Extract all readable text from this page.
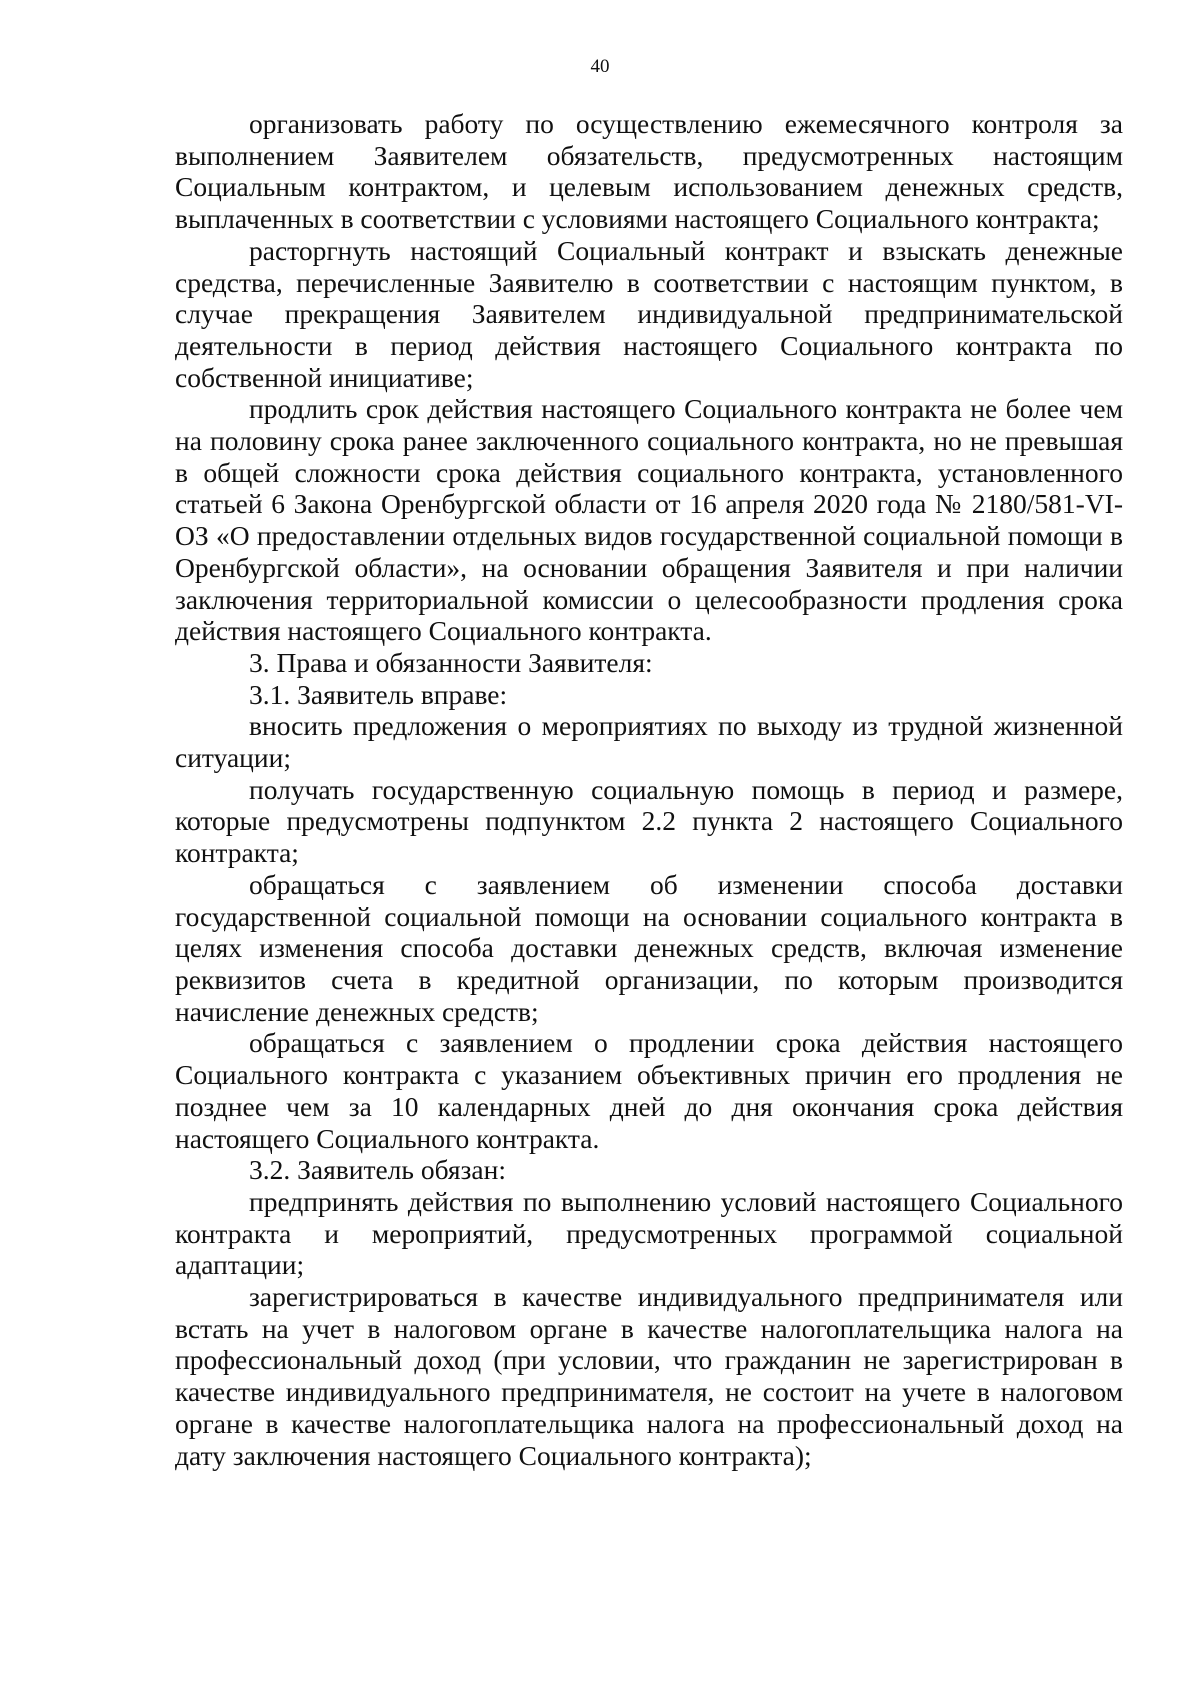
40

организовать работу по осуществлению ежемесячного контроля за выполнением Заявителем обязательств, предусмотренных настоящим Социальным контрактом, и целевым использованием денежных средств, выплаченных в соответствии с условиями настоящего Социального контракта;

расторгнуть настоящий Социальный контракт и взыскать денежные средства, перечисленные Заявителю в соответствии с настоящим пунктом, в случае прекращения Заявителем индивидуальной предпринимательской деятельности в период действия настоящего Социального контракта по собственной инициативе;

продлить срок действия настоящего Социального контракта не более чем на половину срока ранее заключенного социального контракта, но не превышая в общей сложности срока действия социального контракта, установленного статьей 6 Закона Оренбургской области от 16 апреля 2020 года № 2180/581-VI-ОЗ «О предоставлении отдельных видов государственной социальной помощи в Оренбургской области», на основании обращения Заявителя и при наличии заключения территориальной комиссии о целесообразности продления срока действия настоящего Социального контракта.

3. Права и обязанности Заявителя:

3.1. Заявитель вправе:

вносить предложения о мероприятиях по выходу из трудной жизненной ситуации;

получать государственную социальную помощь в период и размере, которые предусмотрены подпунктом 2.2 пункта 2 настоящего Социального контракта;

обращаться с заявлением об изменении способа доставки государственной социальной помощи на основании социального контракта в целях изменения способа доставки денежных средств, включая изменение реквизитов счета в кредитной организации, по которым производится начисление денежных средств;

обращаться с заявлением о продлении срока действия настоящего Социального контракта с указанием объективных причин его продления не позднее чем за 10 календарных дней до дня окончания срока действия настоящего Социального контракта.

3.2. Заявитель обязан:

предпринять действия по выполнению условий настоящего Социального контракта и мероприятий, предусмотренных программой социальной адаптации;

зарегистрироваться в качестве индивидуального предпринимателя или встать на учет в налоговом органе в качестве налогоплательщика налога на профессиональный доход (при условии, что гражданин не зарегистрирован в качестве индивидуального предпринимателя, не состоит на учете в налоговом органе в качестве налогоплательщика налога на профессиональный доход на дату заключения настоящего Социального контракта);
